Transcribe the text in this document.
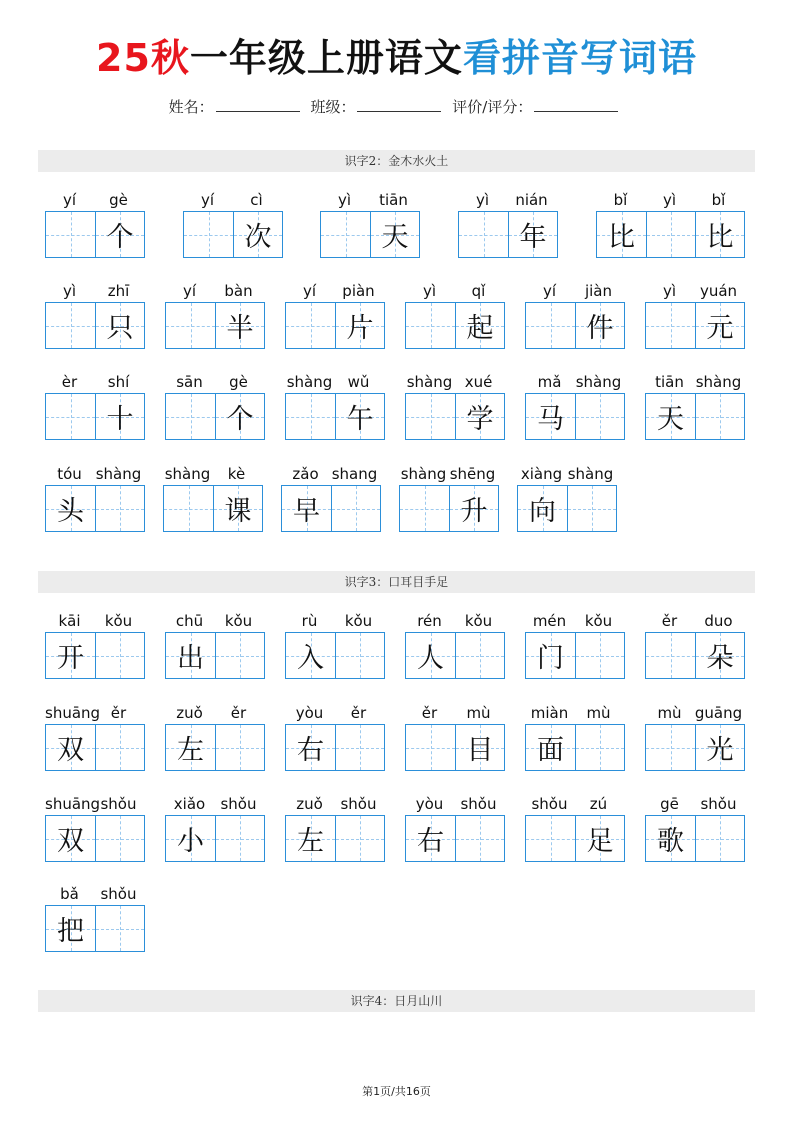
25秋一年级上册语文看拼音写词语
姓名：	班级：	评价/评分：
识字2：金木水火土
yí	gè
个
yí	cì
次
yì	tiān
天
yì	nián
年
bǐ	yì	bǐ
比	比
yì	zhī
只
yí	bàn
半
yí	piàn
片
yì	qǐ
起
yí	jiàn
件
yì	yuán
元
èr	shí
十
sān	gè
个
shàng	wǔ
午
shàng xué
学
mǎ shàng
马
tiān shàng
天
tóu shàng
头
shàng	kè
课
zǎo shang
早
shàng shēng
升
xiàng shàng
向
识字3：口耳目手足
kāi	kǒu
开
chū	kǒu
出
rù	kǒu
入
rén	kǒu
人
mén	kǒu
门
ěr	duo
朵
shuāng ěr
双
zuǒ	ěr
左
yòu	ěr
右
ěr	mù
目
miàn	mù
面
mù guāng
光
shuāng shǒu
双
xiǎo	shǒu
小
zuǒ	shǒu
左
yòu	shǒu
右
shǒu	zú
足
gē	shǒu
歌
bǎ	shǒu
把
识字4：日月山川
第1页/共16页
